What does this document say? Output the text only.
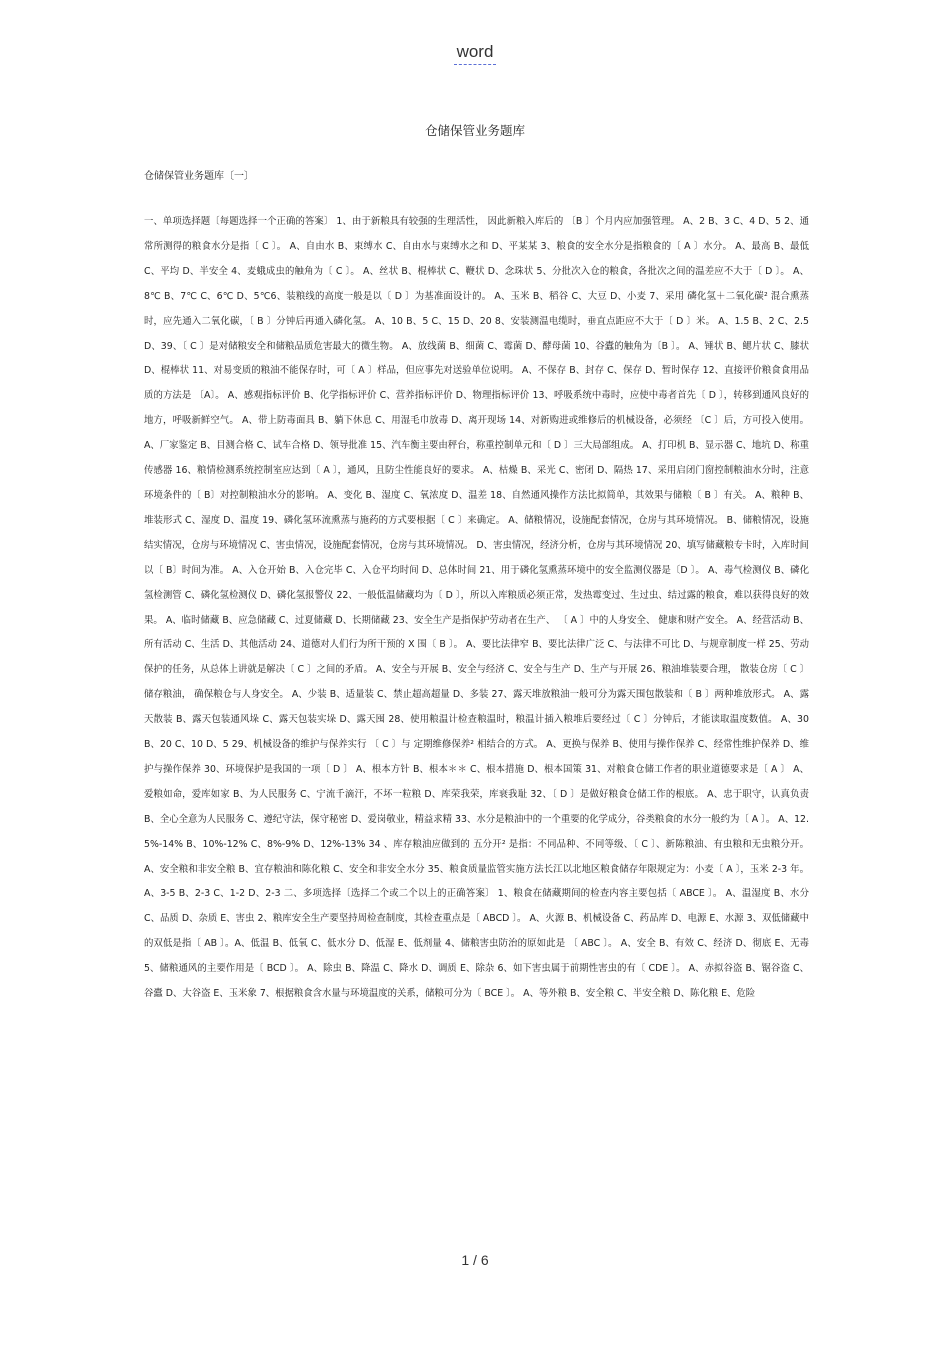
word
仓储保管业务题库
仓储保管业务题库〔一〕
一、单项选择题〔每题选择一个正确的答案〕 1、由于新粮具有较强的生理活性， 因此新粮入库后的 〔B 〕个月内应加强管理。 A、2 B、3 C、4 D、5 2、通常所测得的粮食水分是指〔 C 〕。 A、自由水 B、束缚水 C、自由水与束缚水之和 D、平某某 3、粮食的安全水分是指粮食的〔 A 〕水分。 A、最高 B、最低 C、平均 D、半安全 4、麦蛾成虫的触角为〔 C 〕。 A、丝状 B、棍棒状 C、鞭状 D、念珠状 5、分批次入仓的粮食，各批次之间的温差应不大于〔 D 〕。 A、8℃ B、7℃ C、6℃ D、5℃6、装粮线的高度一般是以〔 D 〕为基准面设计的。 A、玉米 B、稻谷 C、大豆 D、小麦 7、采用 磷化氢＋二氧化碳² 混合熏蒸时，应先通入二氧化碳，〔 B 〕分钟后再通入磷化氢。 A、10 B、5 C、15 D、20 8、安装测温电缆时，垂直点距应不大于〔 D 〕米。 A、1.5 B、2 C、2.5 D、39、〔 C 〕是对储粮安全和储粮品质危害最大的微生物。 A、放线菌 B、细菌 C、霉菌 D、酵母菌 10、谷蠹的触角为〔B 〕。 A、锤状 B、鳃片状 C、膝状 D、棍棒状 11、对易变质的粮油不能保存时，可〔 A 〕样品，但应事先对送验单位说明。 A、不保存 B、封存 C、保存 D、暂时保存 12、直接评价粮食食用品质的方法是 〔A〕。 A、感观指标评价 B、化学指标评价 C、营养指标评价 D、物理指标评价 13、呼吸系统中毒时，应使中毒者首先〔 D 〕，转移到通风良好的地方，呼吸新鲜空气。 A、带上防毒面具 B、躺下休息 C、用湿毛巾放毒 D、离开现场 14、对新购进或维修后的机械设备，必须经 〔C 〕后，方可投入使用。 A、厂家鉴定 B、目测合格 C、试车合格 D、领导批准 15、汽车衡主要由秤台，称重控制单元和〔 D 〕三大局部组成。 A、打印机 B、显示器 C、地坑 D、称重传感器 16、粮情检测系统控制室应达到〔 A 〕，通风，且防尘性能良好的要求。 A、枯燥 B、采光 C、密闭 D、隔热 17、采用启闭门窗控制粮油水分时，注意环境条件的〔 B〕对控制粮油水分的影响。 A、变化 B、湿度 C、氧浓度 D、温差 18、自然通风操作方法比拟简单，其效果与储粮〔 B 〕有关。 A、粮种 B、堆装形式 C、湿度 D、温度 19、磷化氢环流熏蒸与施药的方式要根据〔 C 〕来确定。 A、储粮情况，设施配套情况，仓房与其环境情况。 B、储粮情况，设施结实情况，仓房与环境情况 C、害虫情况，设施配套情况，仓房与其环境情况。 D、害虫情况，经济分析，仓房与其环境情况 20、填写储藏粮专卡时，入库时间以〔 B〕时间为准。 A、入仓开始 B、入仓完毕 C、入仓平均时间 D、总体时间 21、用于磷化氢熏蒸环境中的安全监测仪器是〔D 〕。 A、毒气检测仪 B、磷化氢检测管 C、磷化氢检测仪 D、磷化氢报警仪 22、一般低温储藏均为〔 D 〕，所以入库粮质必须正常，发热霉变过、生过虫、结过露的粮食，难以获得良好的效果。 A、临时储藏 B、应急储藏 C、过夏储藏 D、长期储藏 23、安全生产是指保护劳动者在生产、 〔 A 〕中的人身安全、 健康和财产安全。 A、经营活动 B、所有活动 C、生活 D、其他活动 24、道德对人们行为所干预的 X 围〔 B 〕。 A、要比法律窄 B、要比法律广泛 C、与法律不可比 D、与规章制度一样 25、劳动保护的任务，从总体上讲就是解决〔 C 〕之间的矛盾。 A、安全与开展 B、安全与经济 C、安全与生产 D、生产与开展 26、粮油堆装要合理， 散装仓房〔 C 〕储存粮油， 确保粮仓与人身安全。 A、少装 B、适量装 C、禁止超高超量 D、多装 27、露天堆放粮油一般可分为露天围包散装和〔 B 〕两种堆放形式。 A、露天散装 B、露天包装通风垛 C、露天包装实垛 D、露天囤 28、使用粮温计检查粮温时，粮温计插入粮堆后要经过〔 C 〕分钟后，才能读取温度数值。 A、30 B、20 C、10 D、5 29、机械设备的维护与保养实行 〔 C 〕与 定期维修保养² 相结合的方式。 A、更换与保养 B、使用与操作保养 C、经常性维护保养 D、维护与操作保养 30、环境保护是我国的一项〔 D 〕 A、根本方针 B、根本＊＊ C、根本措施 D、根本国策 31、对粮食仓储工作者的职业道德要求是〔 A 〕 A、爱粮如命，爱库如家 B、为人民服务 C、宁流千滴汗，不坏一粒粮 D、库荣我荣，库衰我耻 32、〔 D 〕是做好粮食仓储工作的根底。 A、忠于职守，认真负责 B、全心全意为人民服务 C、遵纪守法，保守秘密 D、爱岗敬业，精益求精 33、水分是粮油中的一个重要的化学成分，谷类粮食的水分一般约为〔 A 〕。 A、12.5%-14% B、10%-12% C、8%-9% D、12%-13% 34 、库存粮油应做到的 五分开² 是指：不同品种、不同等级、〔 C 〕、新陈粮油、有虫粮和无虫粮分开。 A、安全粮和非安全粮 B、宜存粮油和陈化粮 C、安全和非安全水分 35、粮食质量监管实施方法长江以北地区粮食储存年限规定为：小麦〔 A 〕，玉米 2-3 年。 A、3-5 B、2-3 C、1-2 D、2-3 二、多项选择〔选择二个或二个以上的正确答案〕 1、粮食在储藏期间的检查内容主要包括〔 ABCE 〕。 A、温湿度 B、水分 C、品质 D、杂质 E、害虫 2、粮库安全生产要坚持周检查制度，其检查重点是〔 ABCD 〕。 A、火源 B、机械设备 C、药品库 D、电源 E、水源 3、双低储藏中的双低是指〔 AB 〕。A、低温 B、低氧 C、低水分 D、低湿 E、低剂量 4、储粮害虫防治的原如此是 〔 ABC 〕。 A、安全 B、有效 C、经济 D、彻底 E、无毒 5、储粮通风的主要作用是〔 BCD 〕。 A、除虫 B、降温 C、降水 D、调质 E、除杂 6、如下害虫属于前期性害虫的有〔 CDE 〕。 A、赤拟谷盗 B、锯谷盗 C、谷蠹 D、大谷盗 E、玉米象 7、根据粮食含水量与环境温度的关系，储粮可分为〔 BCE 〕。 A、等外粮 B、安全粮 C、半安全粮 D、陈化粮 E、危险
1 / 6
